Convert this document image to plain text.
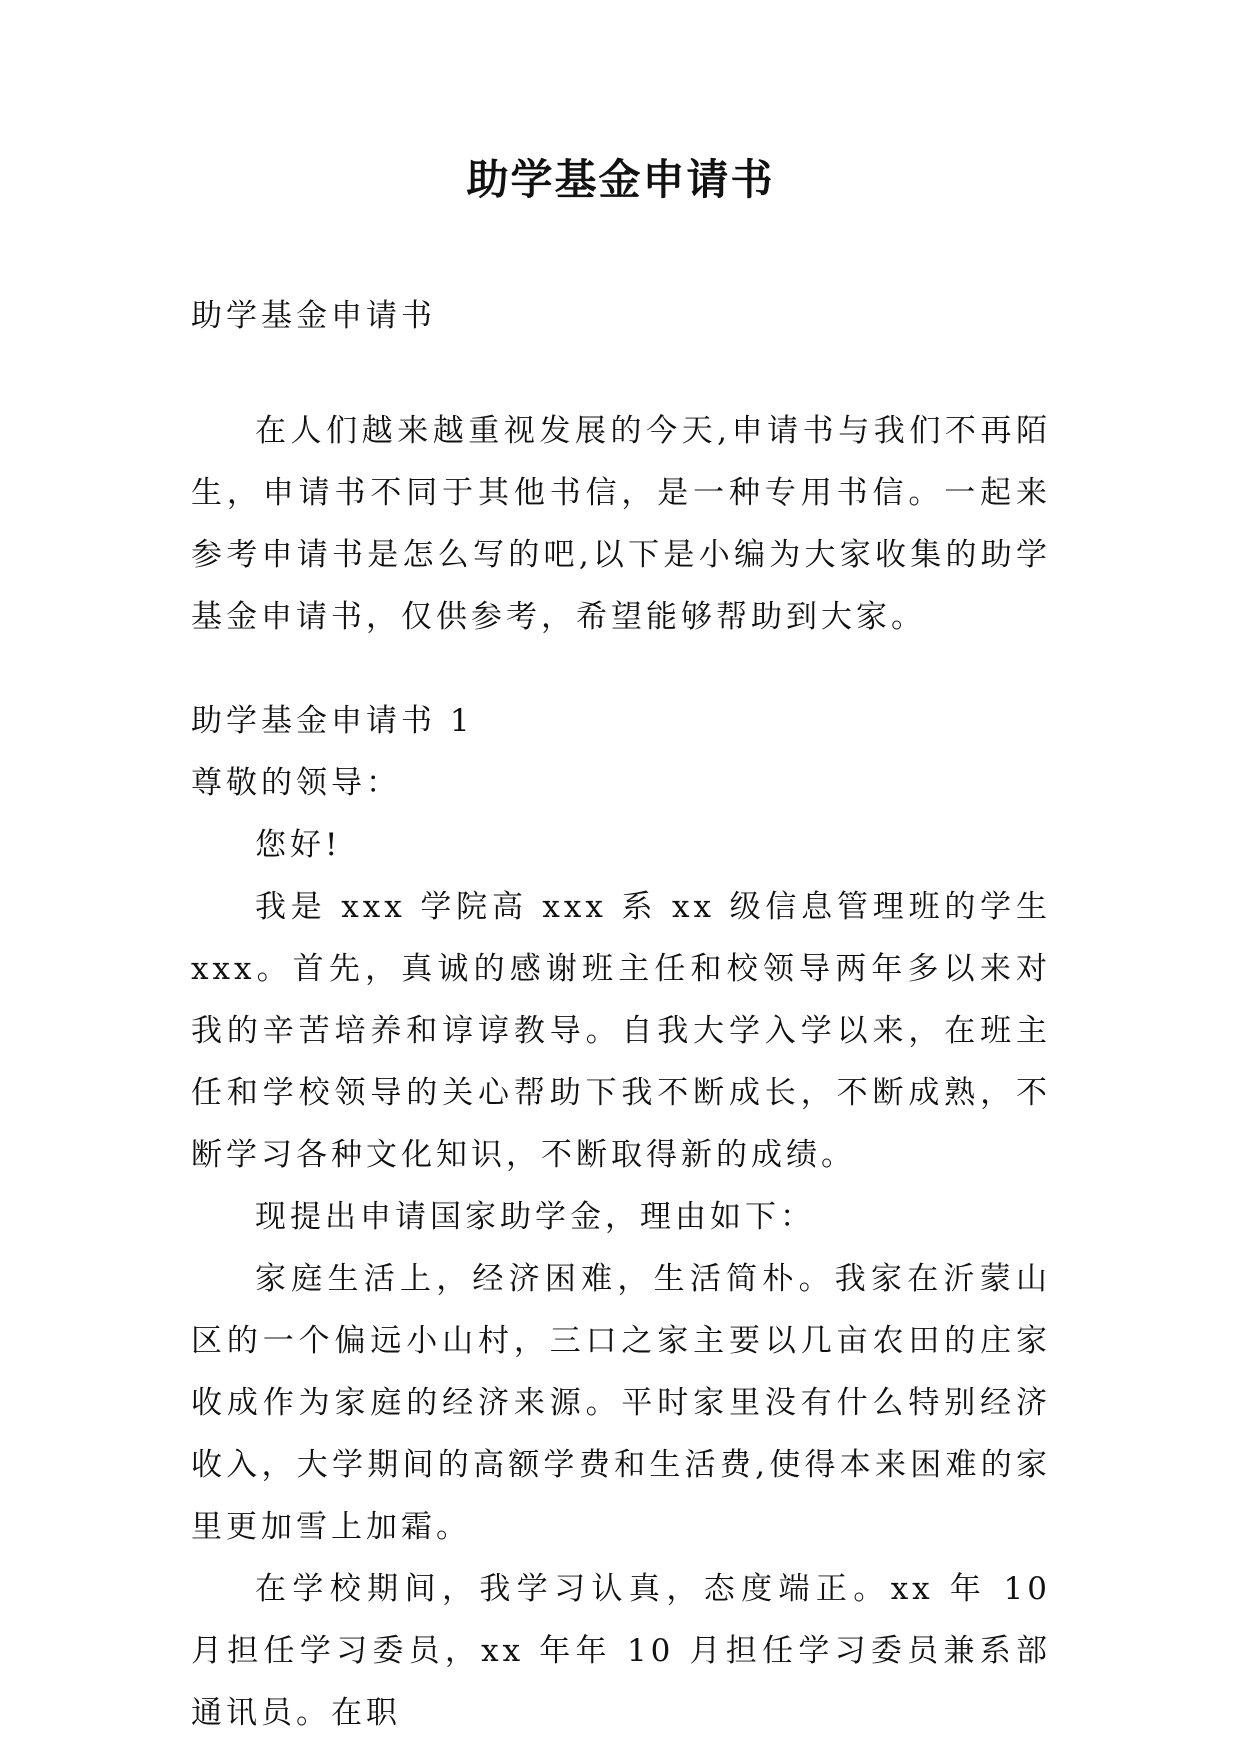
助学基金申请书

助学基金申请书

在人们越来越重视发展的今天,申请书与我们不再陌生，申请书不同于其他书信，是一种专用书信。一起来参考申请书是怎么写的吧,以下是小编为大家收集的助学基金申请书，仅供参考，希望能够帮助到大家。

助学基金申请书 1

尊敬的领导：

您好!

我是 xxx 学院高 xxx 系 xx 级信息管理班的学生 xxx。首先，真诚的感谢班主任和校领导两年多以来对我的辛苦培养和谆谆教导。自我大学入学以来，在班主任和学校领导的关心帮助下我不断成长，不断成熟，不断学习各种文化知识，不断取得新的成绩。

现提出申请国家助学金，理由如下：

家庭生活上，经济困难，生活简朴。我家在沂蒙山区的一个偏远小山村，三口之家主要以几亩农田的庄家收成作为家庭的经济来源。平时家里没有什么特别经济收入，大学期间的高额学费和生活费,使得本来困难的家里更加雪上加霜。

在学校期间，我学习认真，态度端正。xx 年 10 月担任学习委员，xx 年年 10 月担任学习委员兼系部通讯员。在职
